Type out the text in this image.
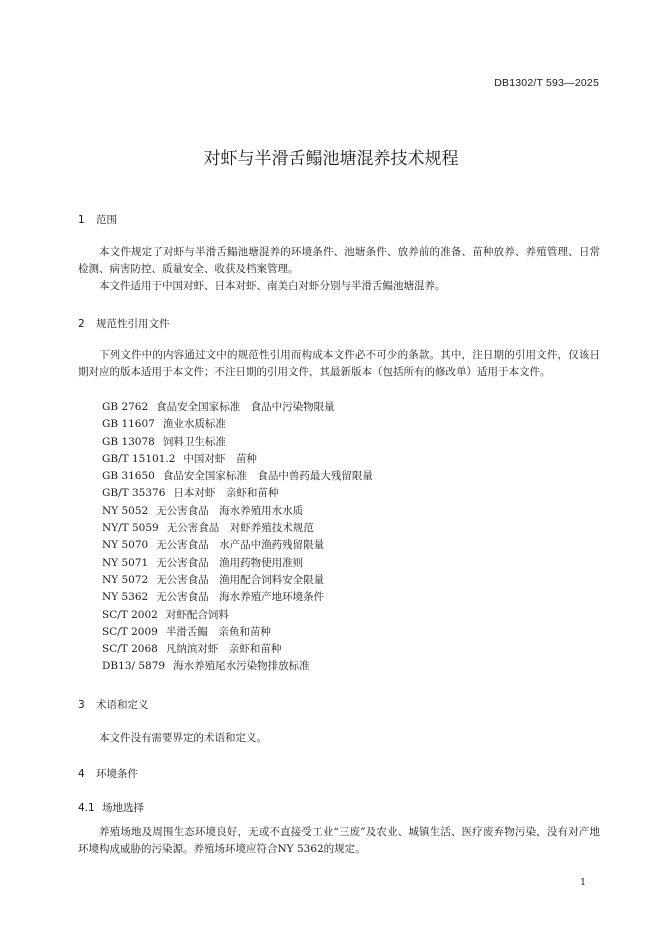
DB1302/T 593—2025
对虾与半滑舌鳎池塘混养技术规程
1 范围

本文件规定了对虾与半滑舌鳎池塘混养的环境条件、池塘条件、放养前的准备、苗种放养、养殖管理、日常检测、病害防控、质量安全、收获及档案管理。

本文件适用于中国对虾、日本对虾、南美白对虾分别与半滑舌鳎池塘混养。

2 规范性引用文件

下列文件中的内容通过文中的规范性引用而构成本文件必不可少的条款。其中，注日期的引用文件，仅该日期对应的版本适用于本文件；不注日期的引用文件，其最新版本（包括所有的修改单）适用于本文件。

GB 2762 食品安全国家标准　食品中污染物限量
GB 11607 渔业水质标准
GB 13078 饲料卫生标准
GB/T 15101.2 中国对虾　苗种
GB 31650 食品安全国家标准　食品中兽药最大残留限量
GB/T 35376 日本对虾　亲虾和苗种
NY 5052 无公害食品　海水养殖用水水质
NY/T 5059 无公害食品　对虾养殖技术规范
NY 5070 无公害食品　水产品中渔药残留限量
NY 5071 无公害食品　渔用药物使用准则
NY 5072 无公害食品　渔用配合饲料安全限量
NY 5362 无公害食品　海水养殖产地环境条件
SC/T 2002 对虾配合饲料
SC/T 2009 半滑舌鳎　亲鱼和苗种
SC/T 2068 凡纳滨对虾　亲虾和苗种
DB13/ 5879 海水养殖尾水污染物排放标准
3 术语和定义

本文件没有需要界定的术语和定义。

4 环境条件
4.1 场地选择

养殖场地及周围生态环境良好，无或不直接受工业“三废”及农业、城镇生活、医疗废弃物污染，没有对产地环境构成威胁的污染源。养殖场环境应符合NY 5362的规定。

1
